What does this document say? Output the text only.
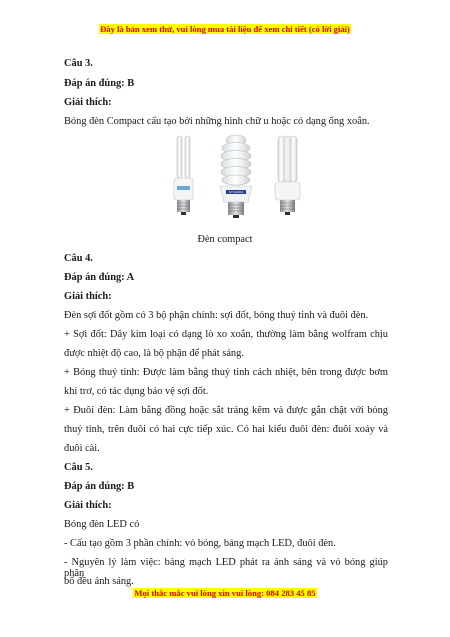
Đây là bản xem thử, vui lòng mua tài liệu để xem chi tiết (có lời giải)
Câu 3.
Đáp án đúng: B
Giải thích:
Bóng đèn Compact cấu tạo bởi những hình chữ u hoặc có dạng ống xoắn.
SYLVANIA
Đèn compact
Câu 4.
Đáp án đúng: A
Giải thích:
Đèn sợi đốt gồm có 3 bộ phận chính: sợi đốt, bóng thuỷ tinh và đuôi đèn.
+ Sợi đốt: Dây kim loại có dạng lò xo xoắn, thường làm bằng wolfram chịu
được nhiệt độ cao, là bộ phận để phát sáng.
+ Bóng thuỷ tinh: Được làm bằng thuỷ tinh cách nhiệt, bên trong được bơm
khí trơ, có tác dụng bảo vệ sợi đốt.
+ Đuôi đèn: Làm bằng đồng hoặc sắt tráng kẽm và được gắn chặt với bóng
thuỷ tinh, trên đuôi có hai cực tiếp xúc. Có hai kiểu đuôi đèn: đuôi xoáy và
đuôi cài.
Câu 5.
Đáp án đúng: B
Giải thích:
Bóng đèn LED có
- Cấu tạo gồm 3 phần chính: vỏ bóng, bảng mạch LED, đuôi đèn.
- Nguyên lý làm việc: bảng mạch LED phát ra ánh sáng và vỏ bóng giúp phân
bố đều ánh sáng.
Mọi thắc mắc vui lòng xin vui lòng: 084 283 45 85
